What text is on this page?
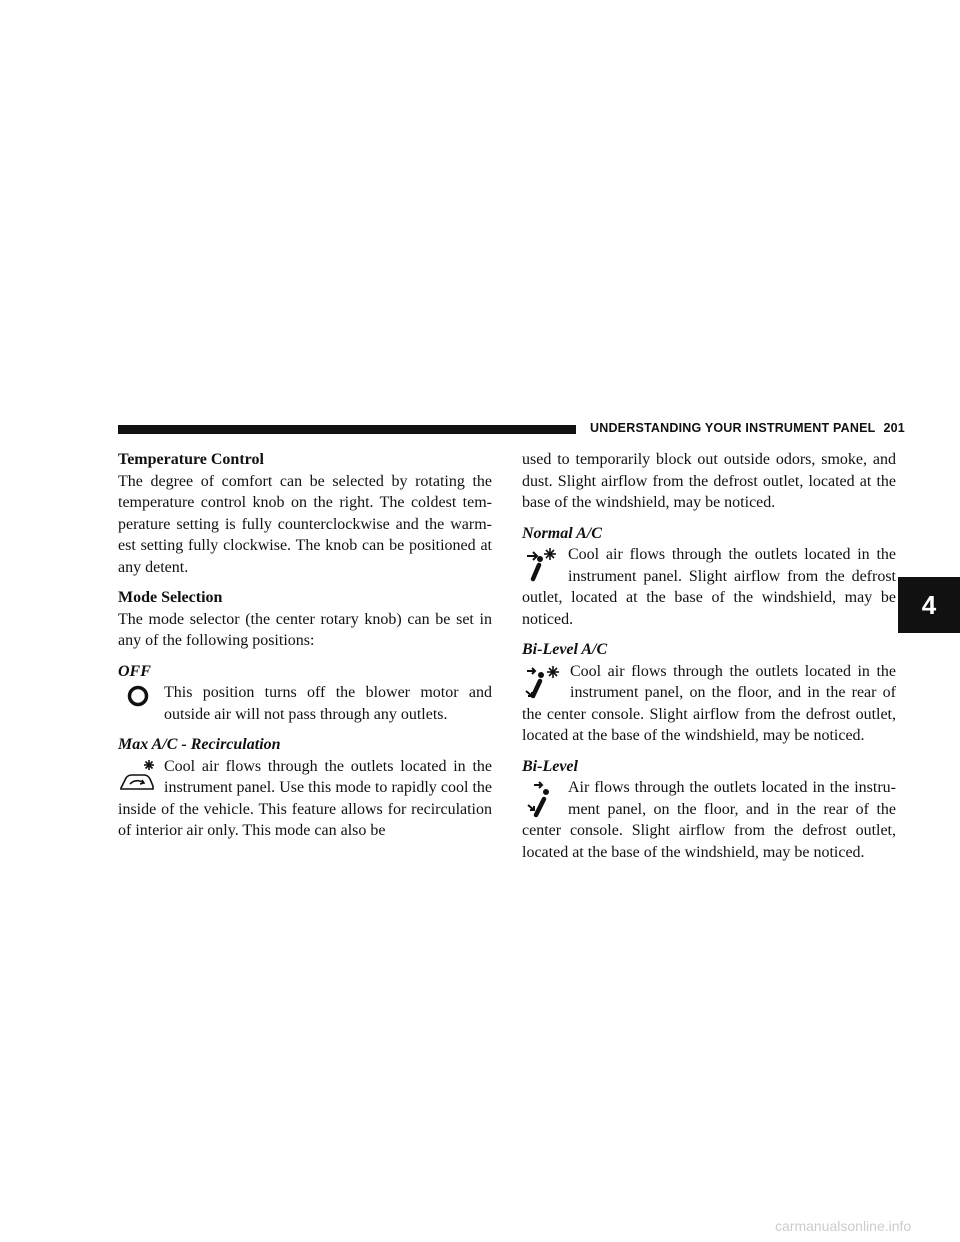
UNDERSTANDING YOUR INSTRUMENT PANEL 201
4
Temperature Control

The degree of comfort can be selected by rotating the temperature control knob on the right. The coldest tem-perature setting is fully counterclockwise and the warm-est setting fully clockwise. The knob can be positioned at any detent.

Mode Selection

The mode selector (the center rotary knob) can be set in any of the following positions:

OFF

This position turns off the blower motor and outside air will not pass through any outlets.

Max A/C - Recirculation

Cool air flows through the outlets located in the instrument panel. Use this mode to rapidly cool the inside of the vehicle. This feature allows for recirculation of interior air only. This mode can also be

used to temporarily block out outside odors, smoke, and dust. Slight airflow from the defrost outlet, located at the base of the windshield, may be noticed.

Normal A/C

Cool air flows through the outlets located in the instrument panel. Slight airflow from the defrost outlet, located at the base of the windshield, may be noticed.

Bi-Level A/C

Cool air flows through the outlets located in the instrument panel, on the floor, and in the rear of the center console. Slight airflow from the defrost outlet, located at the base of the windshield, may be noticed.

Bi-Level

Air flows through the outlets located in the instru-ment panel, on the floor, and in the rear of the center console. Slight airflow from the defrost outlet, located at the base of the windshield, may be noticed.

carmanualsonline.info
